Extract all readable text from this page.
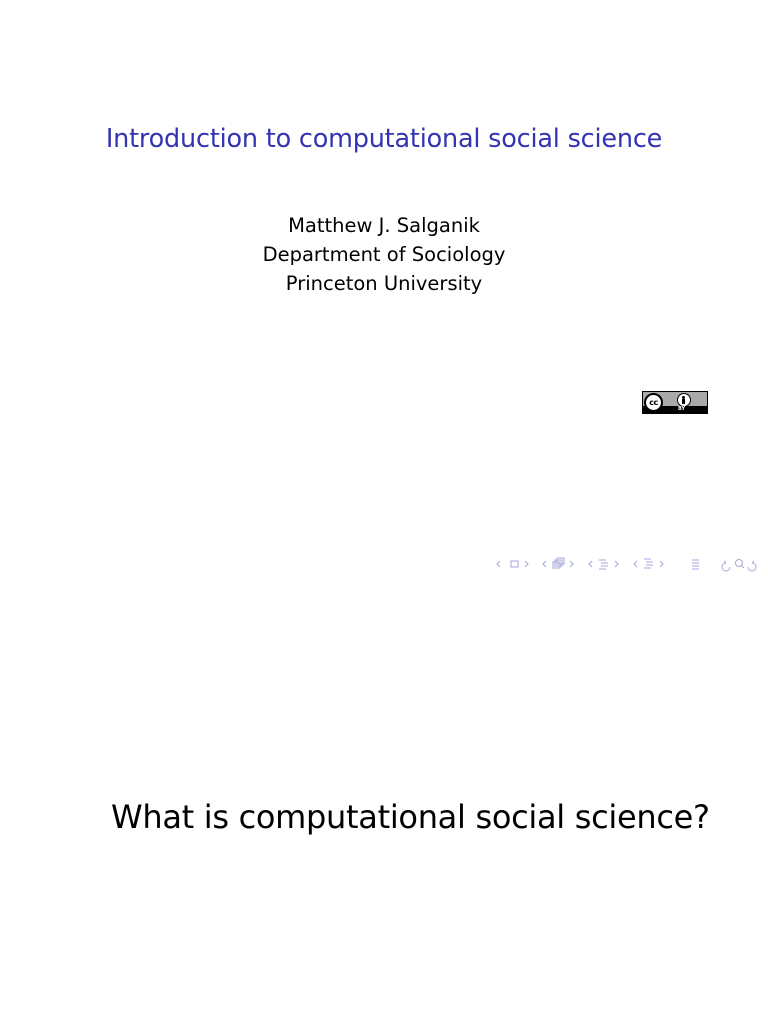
Introduction to computational social science
Matthew J. Salganik
Department of Sociology
Princeton University
cc
BY
What is computational social science?
